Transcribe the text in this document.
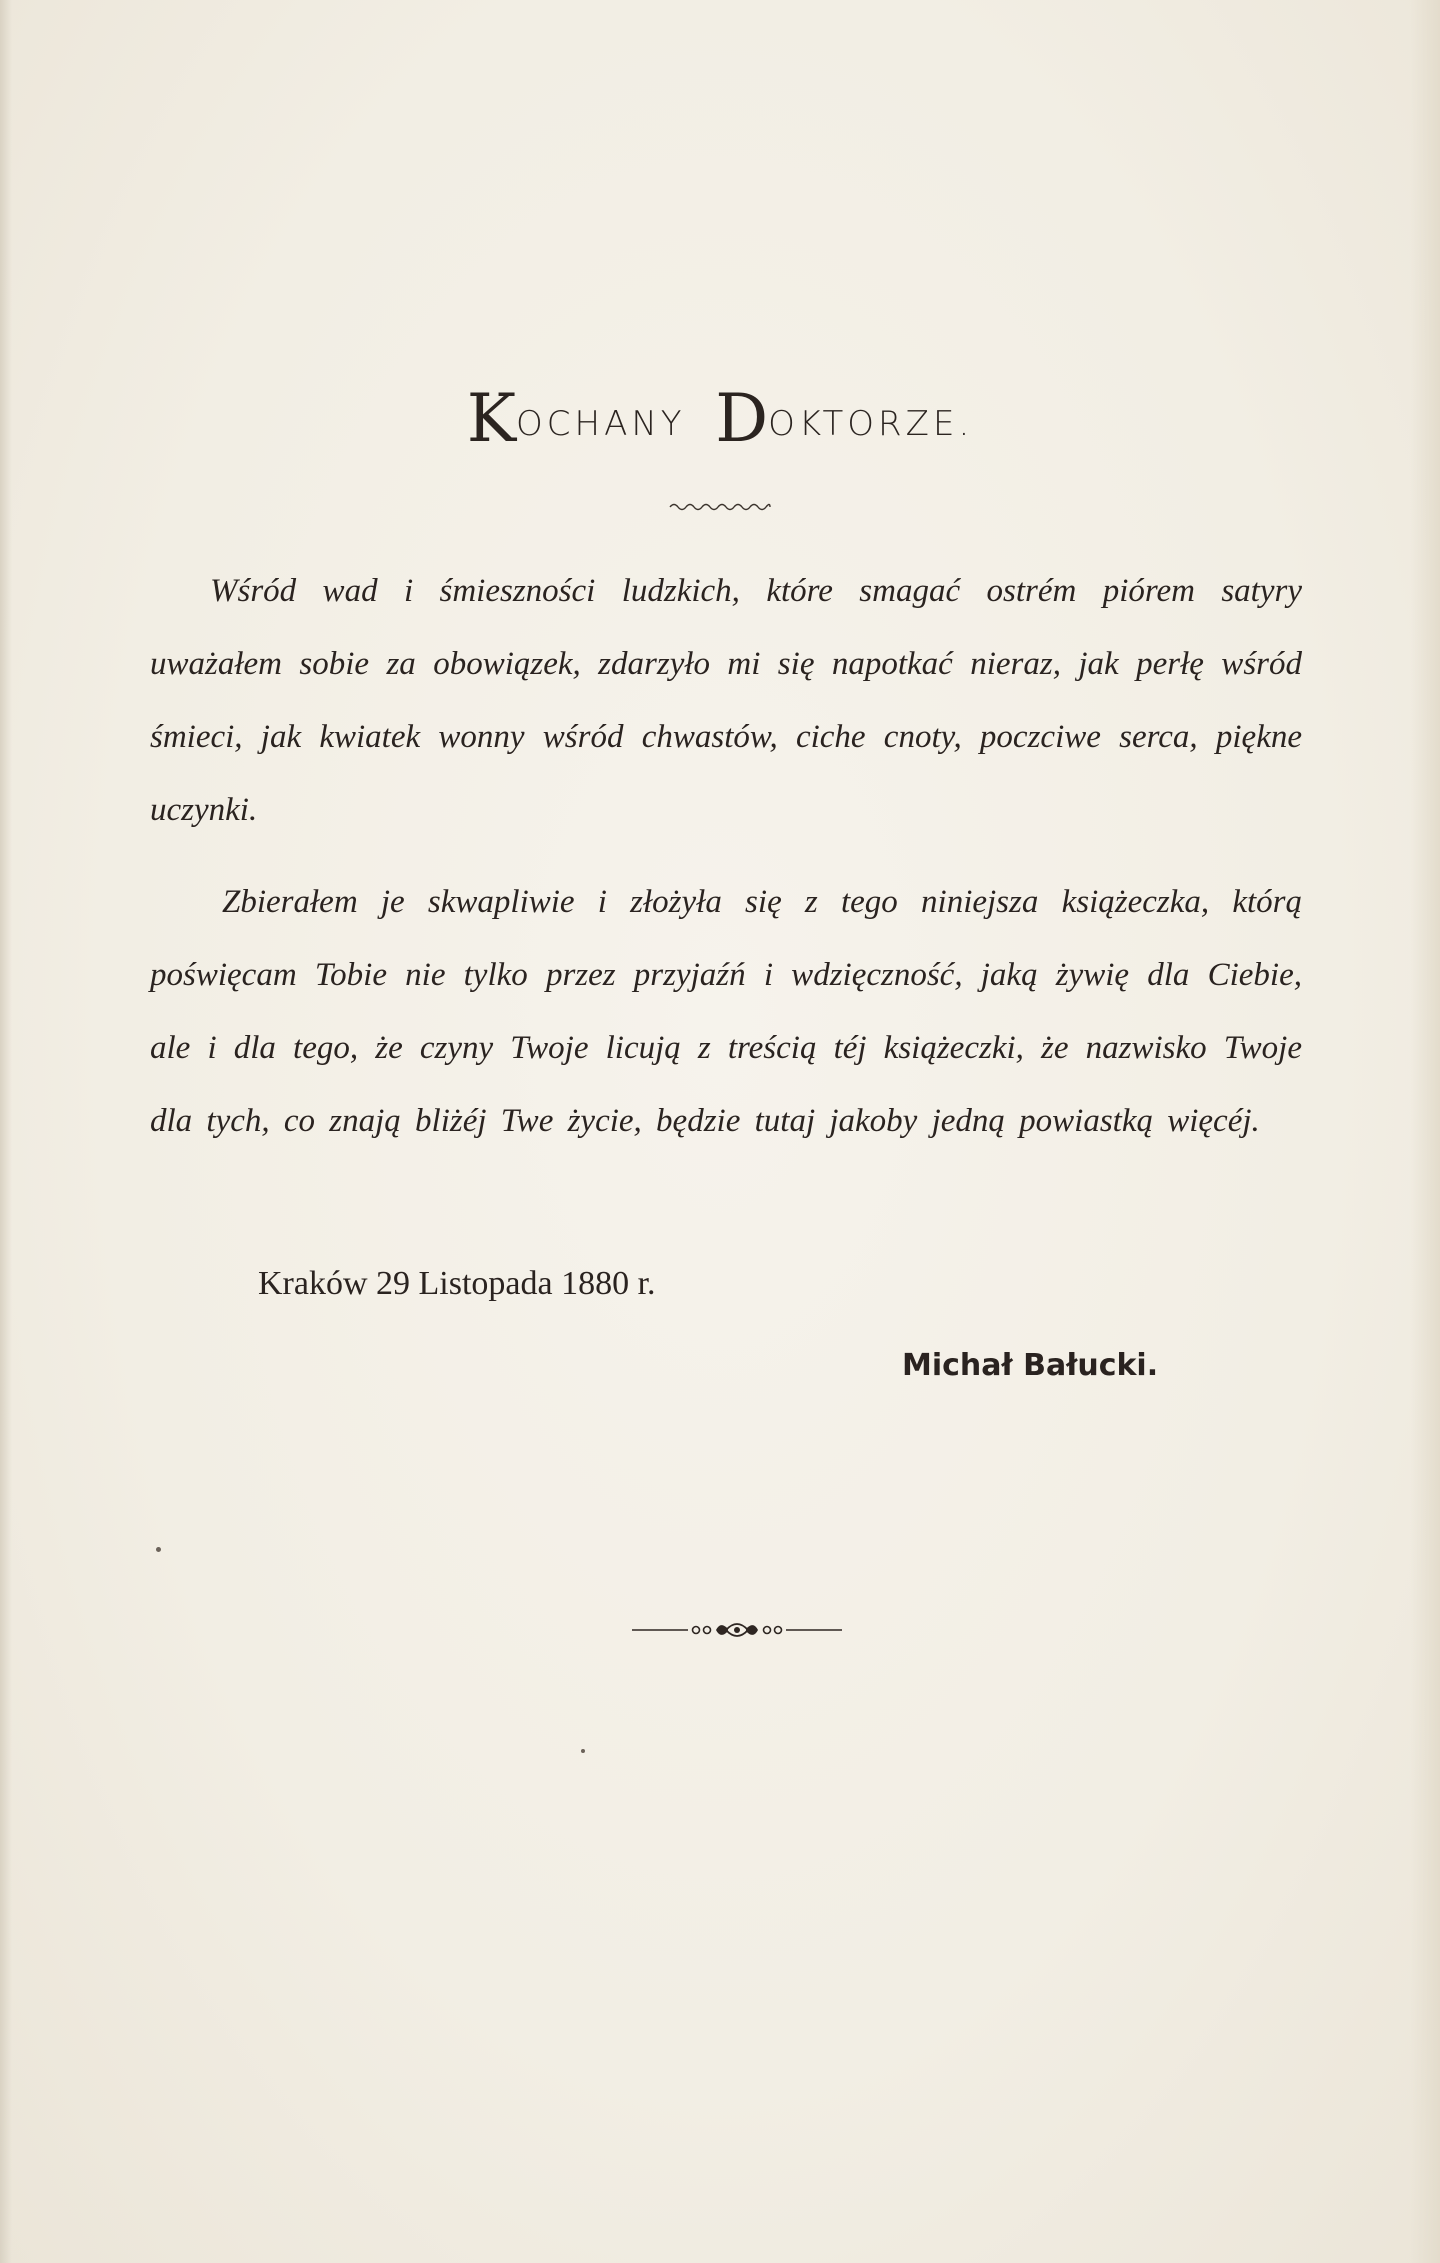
KOCHANY DOKTORZE.
Wśród wad i śmieszności ludzkich, które smagać ostrém piórem satyry uważałem sobie za obowiązek, zdarzyło mi się napotkać nieraz, jak perłę wśród śmieci, jak kwiatek wonny wśród chwastów, ciche cnoty, poczciwe serca, piękne uczynki.
Zbierałem je skwapliwie i złożyła się z tego niniejsza książeczka, którą poświęcam Tobie nie tylko przez przyjaźń i wdzięczność, jaką żywię dla Ciebie, ale i dla tego, że czyny Twoje licują z treścią téj książeczki, że nazwisko Twoje dla tych, co znają bliżéj Twe życie, będzie tutaj jakoby jedną powiastką więcéj.
Kraków 29 Listopada 1880 r.
Michał Bałucki.
